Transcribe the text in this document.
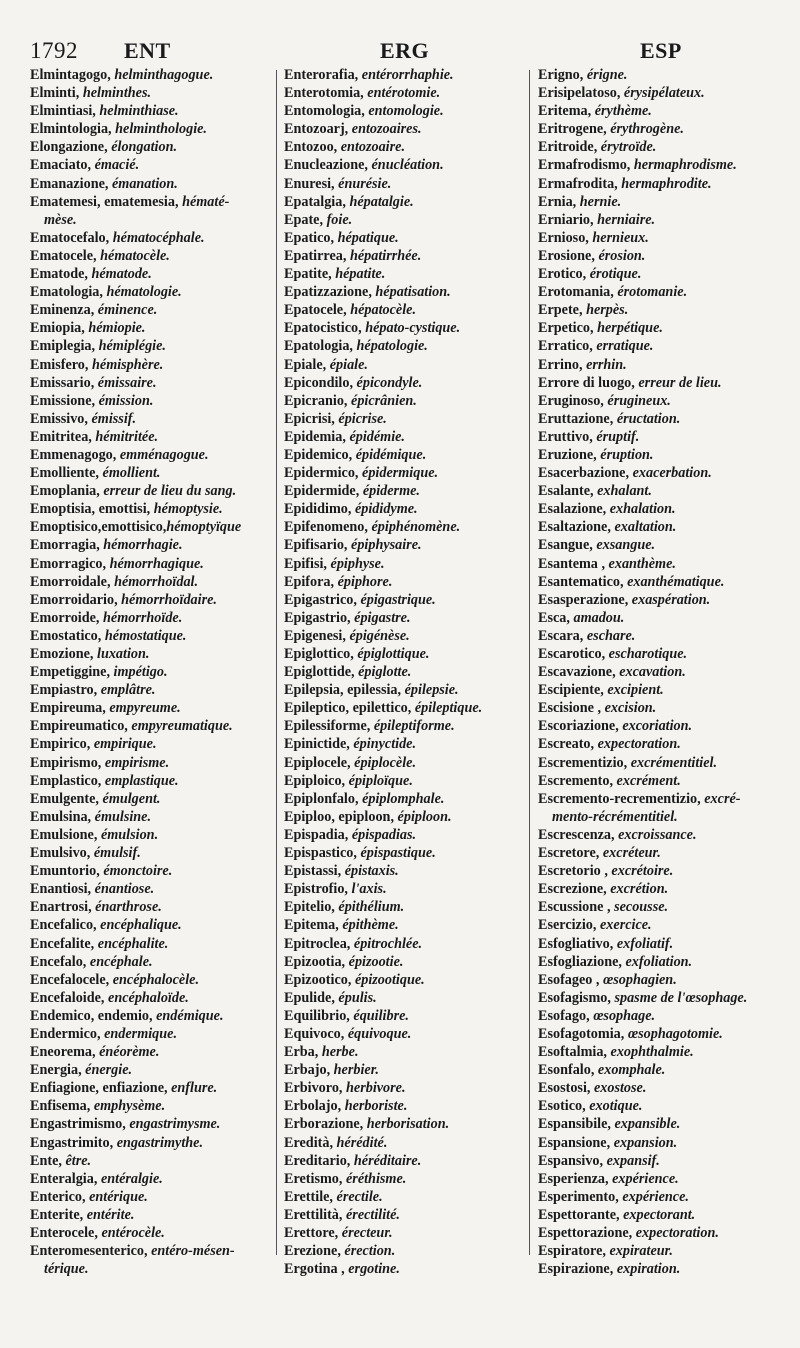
1792 ENT	ERG	ESP
Elmintagogo, helminthagogue.
Elminti, helminthes.
Elmintiasi, helminthiase.
Elmintologia, helminthologie.
Elongazione, élongation.
Emaciato, émacié.
Emanazione, émanation.
Ematemesi, ematemesia, hématé-
mèse.
Ematocefalo, hématocéphale.
Ematocele, hématocèle.
Ematode, hématode.
Ematologia, hématologie.
Eminenza, éminence.
Emiopia, hémiopie.
Emiplegia, hémiplégie.
Emisfero, hémisphère.
Emissario, émissaire.
Emissione, émission.
Emissivo, émissif.
Emitritea, hémitritée.
Emmenagogo, emménagogue.
Emolliente, émollient.
Emoplania, erreur de lieu du sang.
Emoptisia, emottisi, hémoptysie.
Emoptisico,emottisico,hémoptyïque
Emorragia, hémorrhagie.
Emorragico, hémorrhagique.
Emorroidale, hémorrhoïdal.
Emorroidario, hémorrhoïdaire.
Emorroide, hémorrhoïde.
Emostatico, hémostatique.
Emozione, luxation.
Empetiggine, impétigo.
Empiastro, emplâtre.
Empireuma, empyreume.
Empireumatico, empyreumatique.
Empirico, empirique.
Empirismo, empirisme.
Emplastico, emplastique.
Emulgente, émulgent.
Emulsina, émulsine.
Emulsione, émulsion.
Emulsivo, émulsif.
Emuntorio, émonctoire.
Enantiosi, énantiose.
Enartrosi, énarthrose.
Encefalico, encéphalique.
Encefalite, encéphalite.
Encefalo, encéphale.
Encefalocele, encéphalocèle.
Encefaloide, encéphaloïde.
Endemico, endemio, endémique.
Endermico, endermique.
Eneorema, énéorème.
Energia, énergie.
Enfiagione, enfiazione, enflure.
Enfisema, emphysème.
Engastrimismo, engastrimysme.
Engastrimito, engastrimythe.
Ente, être.
Enteralgia, entéralgie.
Enterico, entérique.
Enterite, entérite.
Enterocele, entérocèle.
Enteromesenterico, entéro-mésen-
térique.
Enterorafia, entérorrhaphie.
Enterotomia, entérotomie.
Entomologia, entomologie.
Entozoarj, entozoaires.
Entozoo, entozoaire.
Enucleazione, énucléation.
Enuresi, énurésie.
Epatalgia, hépatalgie.
Epate, foie.
Epatico, hépatique.
Epatirrea, hépatirrhée.
Epatite, hépatite.
Epatizzazione, hépatisation.
Epatocele, hépatocèle.
Epatocistico, hépato-cystique.
Epatologia, hépatologie.
Epiale, épiale.
Epicondilo, épicondyle.
Epicranio, épicrânien.
Epicrisi, épicrise.
Epidemia, épidémie.
Epidemico, épidémique.
Epidermico, épidermique.
Epidermide, épiderme.
Epididimo, épididyme.
Epifenomeno, épiphénomène.
Epifisario, épiphysaire.
Epifisi, épiphyse.
Epifora, épiphore.
Epigastrico, épigastrique.
Epigastrio, épigastre.
Epigenesi, épigénèse.
Epiglottico, épiglottique.
Epiglottide, épiglotte.
Epilepsia, epilessia, épilepsie.
Epileptico, epilettico, épileptique.
Epilessiforme, épileptiforme.
Epinictide, épinyctide.
Epiplocele, épiplocèle.
Epiploico, épiploïque.
Epiplonfalo, épiplomphale.
Epiploo, epiploon, épiploon.
Epispadia, épispadias.
Epispastico, épispastique.
Epistassi, épistaxis.
Epistrofio, l'axis.
Epitelio, épithélium.
Epitema, épithème.
Epitroclea, épitrochlée.
Epizootia, épizootie.
Epizootico, épizootique.
Epulide, épulis.
Equilibrio, équilibre.
Equivoco, équivoque.
Erba, herbe.
Erbajo, herbier.
Erbivoro, herbivore.
Erbolajo, herboriste.
Erborazione, herborisation.
Eredità, hérédité.
Ereditario, héréditaire.
Eretismo, éréthisme.
Erettile, érectile.
Erettilità, érectilité.
Erettore, érecteur.
Erezione, érection.
Ergotina , ergotine.
Erigno, érigne.
Erisipelatoso, érysipélateux.
Eritema, érythème.
Eritrogene, érythrogène.
Eritroide, érytroïde.
Ermafrodismo, hermaphrodisme.
Ermafrodita, hermaphrodite.
Ernia, hernie.
Erniario, herniaire.
Ernioso, hernieux.
Erosione, érosion.
Erotico, érotique.
Erotomania, érotomanie.
Erpete, herpès.
Erpetico, herpétique.
Erratico, erratique.
Errino, errhin.
Errore di luogo, erreur de lieu.
Eruginoso, érugineux.
Eruttazione, éructation.
Eruttivo, éruptif.
Eruzione, éruption.
Esacerbazione, exacerbation.
Esalante, exhalant.
Esalazione, exhalation.
Esaltazione, exaltation.
Esangue, exsangue.
Esantema , exanthème.
Esantematico, exanthématique.
Esasperazione, exaspération.
Esca, amadou.
Escara, eschare.
Escarotico, escharotique.
Escavazione, excavation.
Escipiente, excipient.
Escisione , excision.
Escoriazione, excoriation.
Escreato, expectoration.
Escrementizio, excrémentitiel.
Escremento, excrément.
Escremento-recrementizio, excré-
mento-récrémentitiel.
Escrescenza, excroissance.
Escretore, excréteur.
Escretorio , excrétoire.
Escrezione, excrétion.
Escussione , secousse.
Esercizio, exercice.
Esfogliativo, exfoliatif.
Esfogliazione, exfoliation.
Esofageo , œsophagien.
Esofagismo, spasme de l'œsophage.
Esofago, œsophage.
Esofagotomia, œsophagotomie.
Esoftalmia, exophthalmie.
Esonfalo, exomphale.
Esostosi, exostose.
Esotico, exotique.
Espansibile, expansible.
Espansione, expansion.
Espansivo, expansif.
Esperienza, expérience.
Esperimento, expérience.
Espettorante, expectorant.
Espettorazione, expectoration.
Espiratore, expirateur.
Espirazione, expiration.
